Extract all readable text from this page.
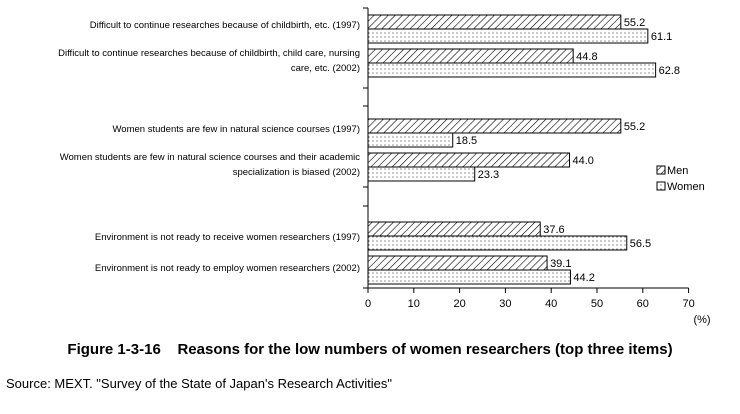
55.2
44.8
55.2
44.0
37.6
39.1
61.1
62.8
18.5
23.3
56.5
44.2
0	10	20	30	40	50	60	70
(%)
Difficult to continue researches because of childbirth, etc. (1997)
Difficult to continue researches because of childbirth, child care, nursing
care, etc. (2002)
Women students are few in natural science courses (1997)
Women students are few in natural science courses and their academic
specialization is biased (2002)
Environment is not ready to receive women researchers (1997)
Environment is not ready to employ women researchers (2002)
Men
Women
Figure 1-3-16    Reasons for the low numbers of women researchers (top three items)
Source: MEXT. "Survey of the State of Japan's Research Activities"
